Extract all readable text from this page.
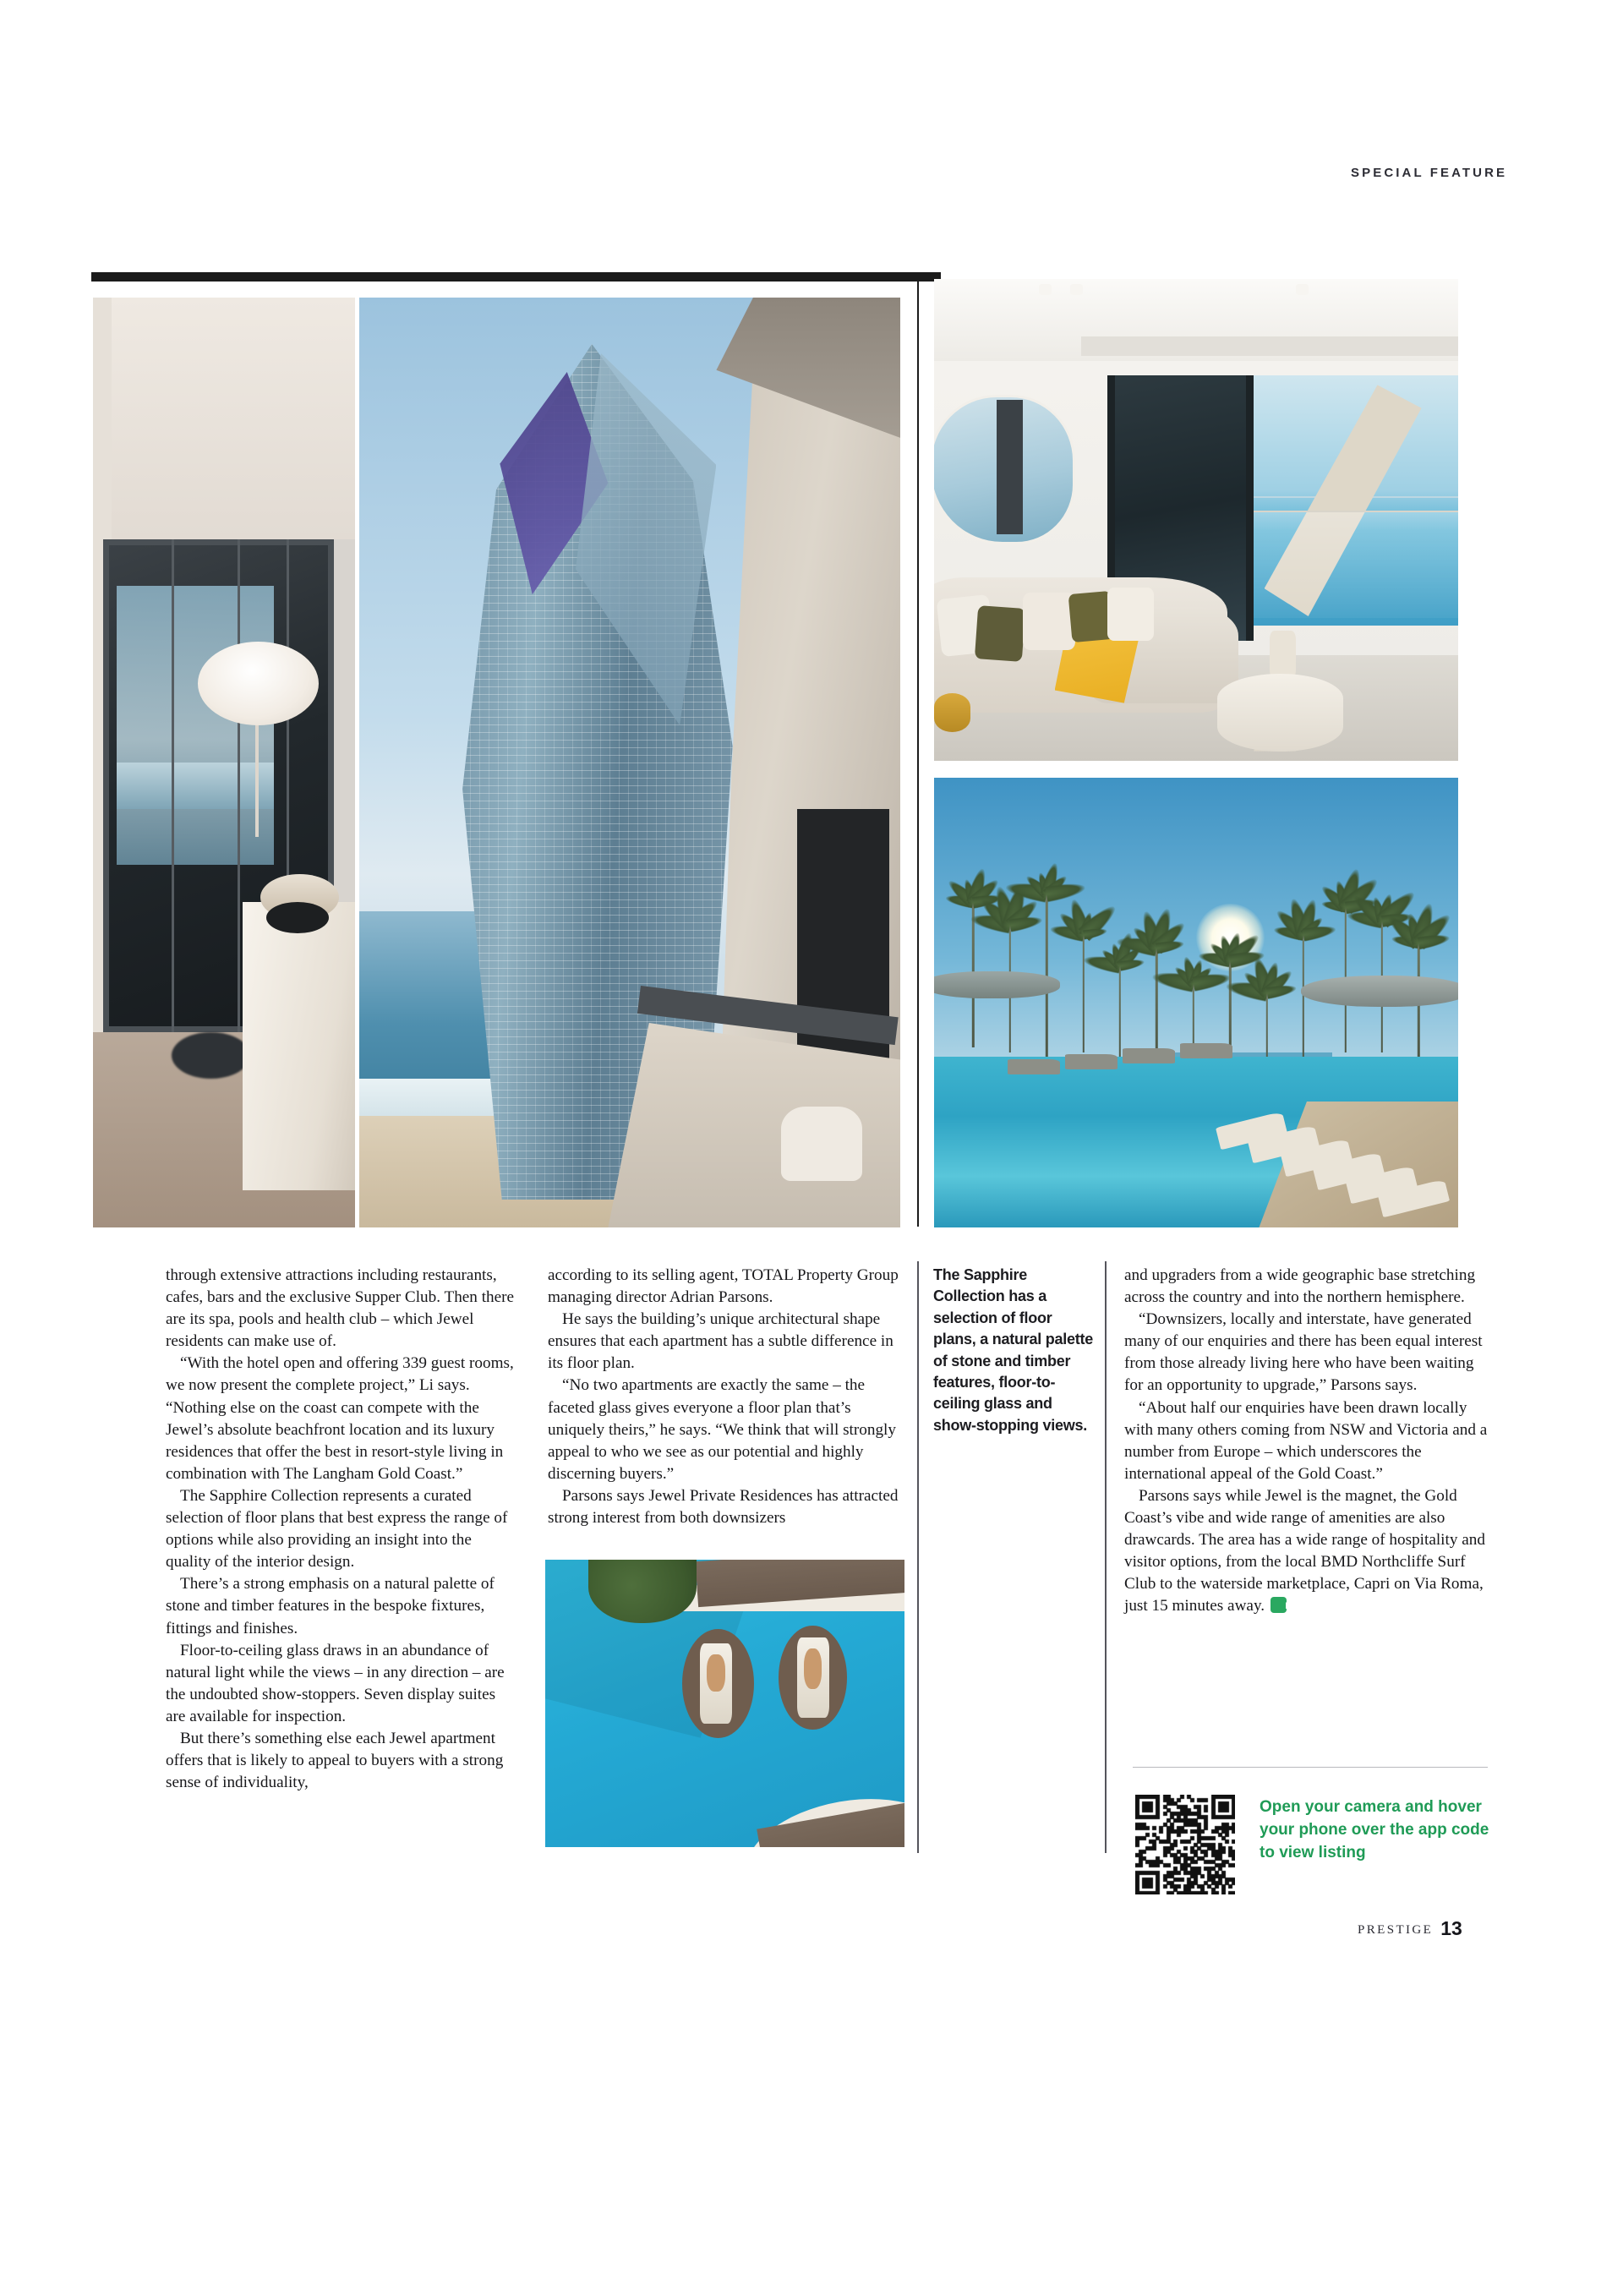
SPECIAL FEATURE

through extensive attractions including restaurants, cafes, bars and the exclusive Supper Club. Then there are its spa, pools and health club – which Jewel residents can make use of.

“With the hotel open and offering 339 guest rooms, we now present the complete project,” Li says. “Nothing else on the coast can compete with the Jewel’s absolute beachfront location and its luxury residences that offer the best in resort-style living in combination with The Langham Gold Coast.”

The Sapphire Collection represents a curated selection of floor plans that best express the range of options while also providing an insight into the quality of the interior design.

There’s a strong emphasis on a natural palette of stone and timber features in the bespoke fixtures, fittings and finishes.

Floor-to-ceiling glass draws in an abundance of natural light while the views – in any direction – are the undoubted show-stoppers. Seven display suites are available for inspection.

But there’s something else each Jewel apartment offers that is likely to appeal to buyers with a strong sense of individuality,

according to its selling agent, TOTAL Property Group managing director Adrian Parsons.

He says the building’s unique architectural shape ensures that each apartment has a subtle difference in its floor plan.

“No two apartments are exactly the same – the faceted glass gives everyone a floor plan that’s uniquely theirs,” he says. “We think that will strongly appeal to who we see as our potential and highly discerning buyers.”

Parsons says Jewel Private Residences has attracted strong interest from both downsizers

The Sapphire Collection has a selection of floor plans, a natural palette of stone and timber features, floor-to-ceiling glass and show-stopping views.

and upgraders from a wide geographic base stretching across the country and into the northern hemisphere.

“Downsizers, locally and interstate, have generated many of our enquiries and there has been equal interest from those already living here who have been waiting for an opportunity to upgrade,” Parsons says.

“About half our enquiries have been drawn locally with many others coming from NSW and Victoria and a number from Europe – which underscores the international appeal of the Gold Coast.”

Parsons says while Jewel is the magnet, the Gold Coast’s vibe and wide range of amenities are also drawcards. The area has a wide range of hospitality and visitor options, from the local BMD Northcliffe Surf Club to the waterside marketplace, Capri on Via Roma, just 15 minutes away.m

Open your camera and hover
your phone over the app code
to view listing
PRESTIGE 13
